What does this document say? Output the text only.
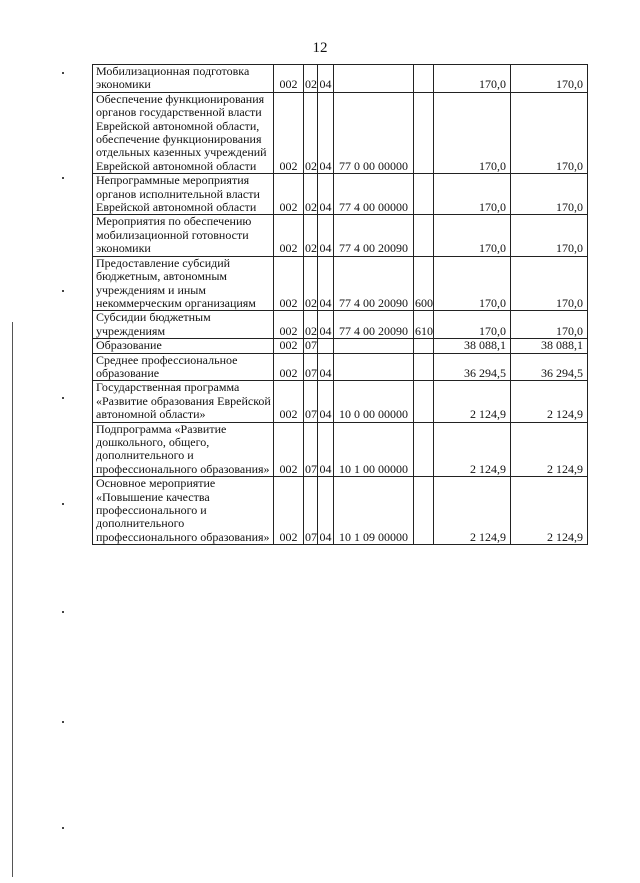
12
Мобилизационная подготовка экономики	002	02	04			170,0	170,0
Обеспечение функционирования органов государственной власти Еврейской автономной области, обеспечение функционирования отдельных казенных учреждений Еврейской автономной области	002	02	04	77 0 00 00000		170,0	170,0
Непрограммные мероприятия органов исполнительной власти Еврейской автономной области	002	02	04	77 4 00 00000		170,0	170,0
Мероприятия по обеспечению мобилизационной готовности экономики	002	02	04	77 4 00 20090		170,0	170,0
Предоставление субсидий бюджетным, автономным учреждениям и иным некоммерческим организациям	002	02	04	77 4 00 20090	600	170,0	170,0
Субсидии бюджетным учреждениям	002	02	04	77 4 00 20090	610	170,0	170,0
Образование	002	07				38 088,1	38 088,1
Среднее профессиональное образование	002	07	04			36 294,5	36 294,5
Государственная программа «Развитие образования Еврейской автономной области»	002	07	04	10 0 00 00000		2 124,9	2 124,9
Подпрограмма «Развитие дошкольного, общего, дополнительного и профессионального образования»	002	07	04	10 1 00 00000		2 124,9	2 124,9
Основное мероприятие «Повышение качества профессионального и дополнительного профессионального образования»	002	07	04	10 1 09 00000		2 124,9	2 124,9
